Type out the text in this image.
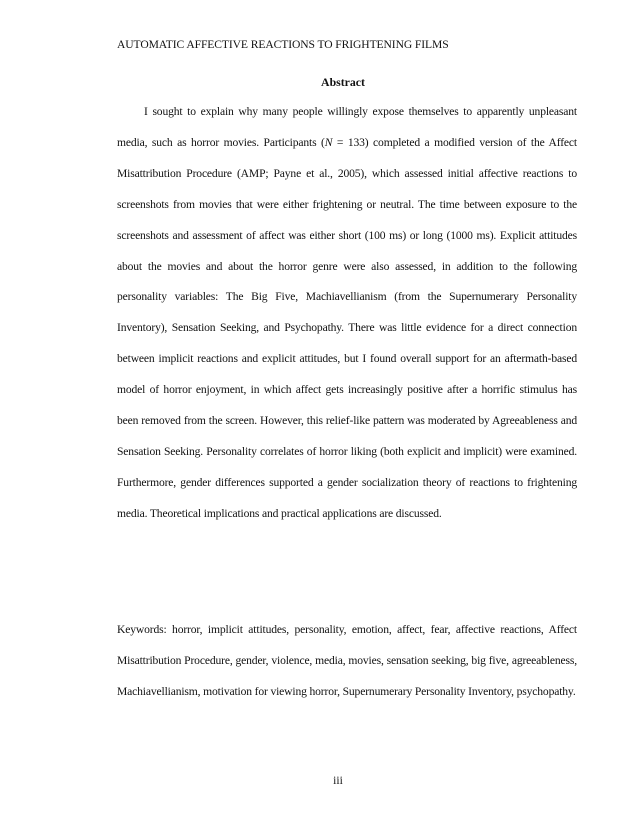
AUTOMATIC AFFECTIVE REACTIONS TO FRIGHTENING FILMS
Abstract

I sought to explain why many people willingly expose themselves to apparently unpleasant media, such as horror movies. Participants (N = 133) completed a modified version of the Affect Misattribution Procedure (AMP; Payne et al., 2005), which assessed initial affective reactions to screenshots from movies that were either frightening or neutral. The time between exposure to the screenshots and assessment of affect was either short (100 ms) or long (1000 ms). Explicit attitudes about the movies and about the horror genre were also assessed, in addition to the following personality variables: The Big Five, Machiavellianism (from the Supernumerary Personality Inventory), Sensation Seeking, and Psychopathy. There was little evidence for a direct connection between implicit reactions and explicit attitudes, but I found overall support for an aftermath-based model of horror enjoyment, in which affect gets increasingly positive after a horrific stimulus has been removed from the screen. However, this relief-like pattern was moderated by Agreeableness and Sensation Seeking. Personality correlates of horror liking (both explicit and implicit) were examined. Furthermore, gender differences supported a gender socialization theory of reactions to frightening media. Theoretical implications and practical applications are discussed.

Keywords: horror, implicit attitudes, personality, emotion, affect, fear, affective reactions, Affect Misattribution Procedure, gender, violence, media, movies, sensation seeking, big five, agreeableness, Machiavellianism, motivation for viewing horror, Supernumerary Personality Inventory, psychopathy.

iii
